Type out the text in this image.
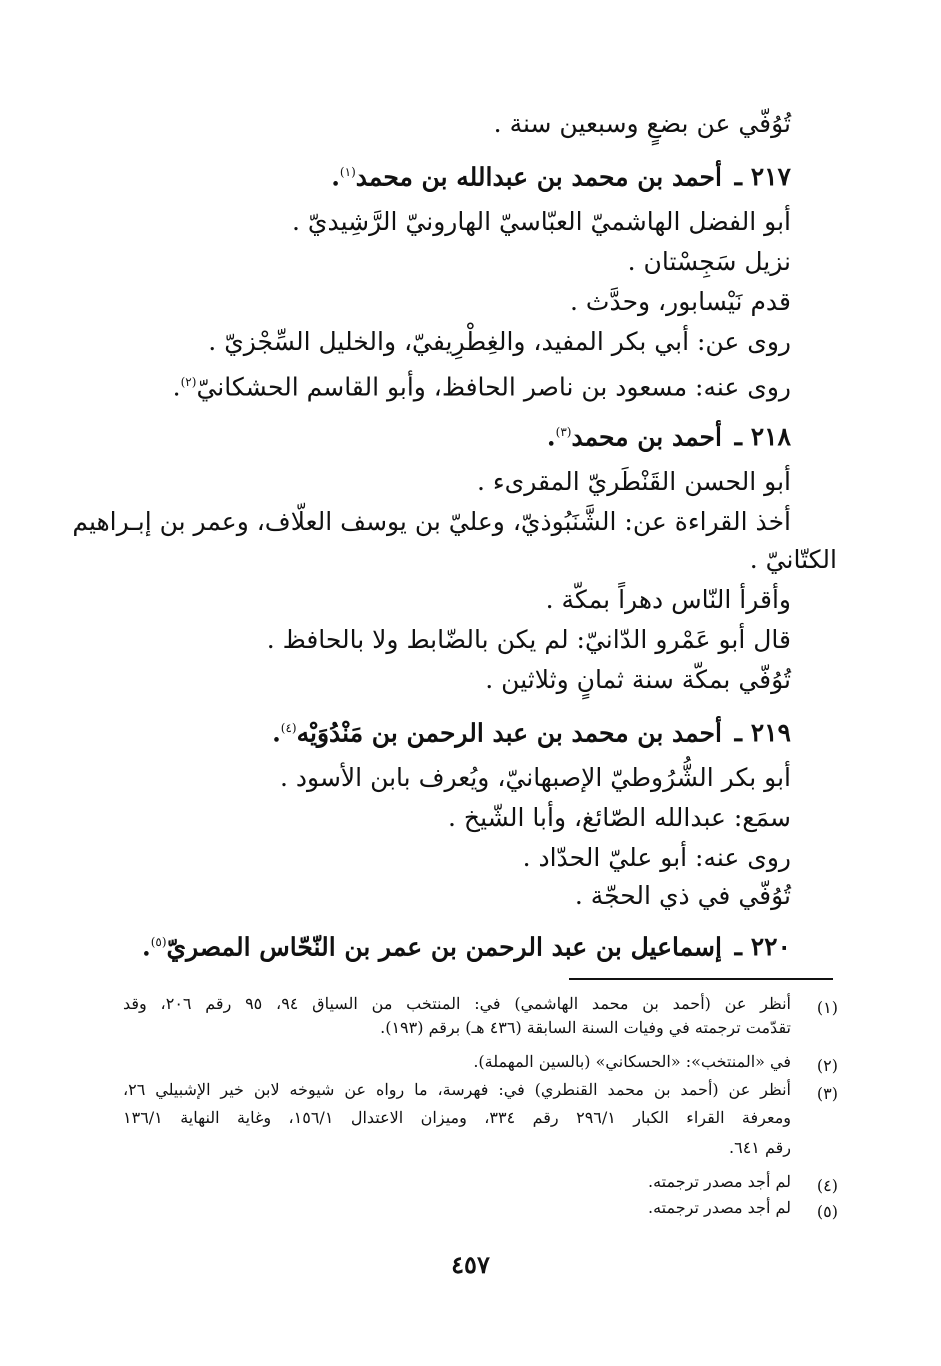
تُوُفّي عن بضعٍ وسبعين سنة .
٢١٧ ـ أحمد بن محمد بن عبدالله بن محمد$^{(١)}$.
أبو الفضل الهاشميّ العبّاسيّ الهارونيّ الرَّشِيديّ .
نزيل سَجِسْتان .
قدم نَيْسابور، وحدَّث .
روى عن: أبي بكر المفيد، والغِطْرِيفيّ، والخليل السِّجْزيّ .
روى عنه: مسعود بن ناصر الحافظ، وأبو القاسم الحشكانيّ$^{(٢)}$.
٢١٨ ـ أحمد بن محمد$^{(٣)}$.
أبو الحسن القَنْطَريّ المقرىء .
أخذ القراءة عن: الشَّنَبُوذيّ، وعليّ بن يوسف العلّاف، وعمر بن إبـراهيم
الكتّانيّ .
وأقرأ النّاس دهراً بمكّة .
قال أبو عَمْرو الدّانيّ: لم يكن بالضّابط ولا بالحافظ .
تُوُفّي بمكّة سنة ثمانٍ وثلاثين .
٢١٩ ـ أحمد بن محمد بن عبد الرحمن بن مَنْدُوَيْه$^{(٤)}$.
أبو بكر الشُّرُوطيّ الإصبهانيّ، ويُعرف بابن الأسود .
سمَع: عبدالله الصّائغ، وأبا الشّيخ .
روى عنه: أبو عليّ الحدّاد .
تُوُفّي في ذي الحجّة .
٢٢٠ ـ إسماعيل بن عبد الرحمن بن عمر بن النّحّاس المصريّ$^{(٥)}$.
(١)
أنظر عن (أحمد بن محمد الهاشمي) في: المنتخب من السياق ٩٤، ٩٥ رقم ٢٠٦، وقد
تقدّمت ترجمته في وفيات السنة السابقة (٤٣٦ هـ) برقم (١٩٣).
(٢)
في «المنتخب»: «الحسكاني» (بالسين المهملة).
(٣)
أنظر عن (أحمد بن محمد القنطري) في: فهرسة، ما رواه عن شيوخه لابن خير الإشبيلي ٢٦،
ومعرفة القراء الكبار ٢٩٦/١ رقم ٣٣٤، وميزان الاعتدال ١٥٦/١، وغاية النهاية ١٣٦/١
رقم ٦٤١.
(٤)
لم أجد مصدر ترجمته.
(٥)
لم أجد مصدر ترجمته.
٤٥٧
